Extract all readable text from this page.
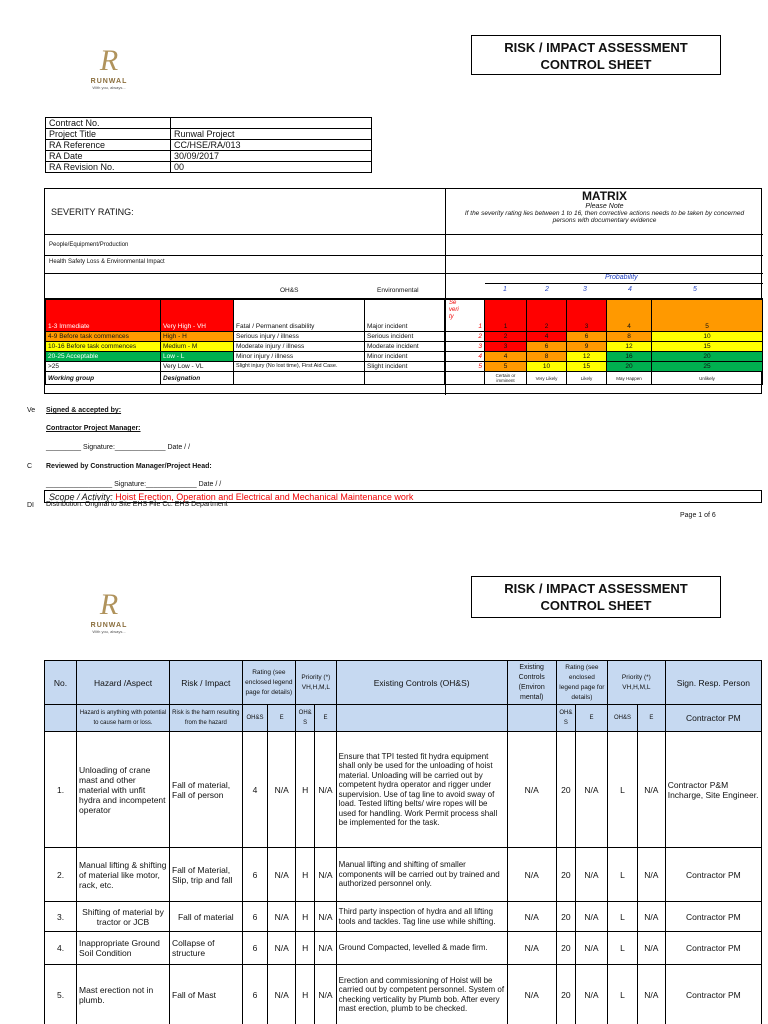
R
RUNWAL
With you, always...
RISK / IMPACT ASSESSMENT
CONTROL SHEET
Contract No.	
Project Title	Runwal Project
RA Reference	CC/HSE/RA/013
RA Date	30/09/2017
RA Revision No.	00
SEVERITY RATING:
MATRIX
Please Note
If the severity rating lies between 1 to 16, then corrective actions needs to be taken by concerned persons with documentary evidence
People/Equipment/Production
Health Safety Loss & Environmental Impact
Probability
OH&S	Environmental	1	2	3	4	5
Severity
1-3 Immediate	Very High - VH	Fatal / Permanent disability	Major incident	1	1	2	3	4	5
4-9 Before task commences	High - H	Serious injury / illness	Serious incident	2	2	4	6	8	10
10-16 Before task commences	Medium - M	Moderate injury / illness	Moderate incident	3	3	6	9	12	15
20-25 Acceptable	Low - L	Minor injury / illness	Minor incident	4	4	8	12	16	20
>25	Very Low - VL	Slight injury (No lost time), First Aid Case.	Slight incident	5	5	10	15	20	25
Working group	Designation				Certain or imminent	Very Likely	Likely	May Happen	Unlikely
Ve Signed & accepted by:
Contractor Project Manager:
_________ Signature:_____________ Date / /
C Reviewed by Construction Manager/Project Head:
_________________ Signature:_____________ Date / /
Scope / Activity: Hoist Erection, Operation and Electrical and Mechanical Maintenance work
DI Distribution: Original to Site EHS File Cc: EHS Department
Page 1 of 6
R
RUNWAL
With you, always...
RISK / IMPACT ASSESSMENT
CONTROL SHEET
No.	Hazard /Aspect	Risk / Impact	Rating (see enclosed legend page for details)		Priority (*) VH,H,M,L		Existing Controls (OH&S)	Existing Controls (Environ mental)	Rating (see enclosed legend page for details)		Priority (*) VH,H,M,L		Sign. Resp. Person
	Hazard is anything with potential to cause harm or loss.	Risk is the harm resulting from the hazard	OH&S	E	OH& S	E			OH& S	E	OH&S	E	Contractor PM
1.	Unloading of crane mast and other material with unfit hydra and incompetent operator	Fall of material, Fall of person	4	N/A	H	N/A	Ensure that TPI tested fit hydra equipment shall only be used for the unloading of hoist material. Unloading will be carried out by competent hydra operator and rigger under supervision. Use of tag line to avoid sway of load. Tested lifting belts/ wire ropes will be used for handling. Work Permit process shall be implemented for the task.	N/A	20	N/A	L	N/A	Contractor P&M Incharge, Site Engineer.
2.	Manual lifting & shifting of material like motor, rack, etc.	Fall of Material, Slip, trip and fall	6	N/A	H	N/A	Manual lifting and shifting of smaller components will be carried out by trained and authorized personnel only.	N/A	20	N/A	L	N/A	Contractor PM
3.	Shifting of material by tractor or JCB	Fall of material	6	N/A	H	N/A	Third party inspection of hydra and all lifting tools and tackles. Tag line use while shifting.	N/A	20	N/A	L	N/A	Contractor PM
4.	Inappropriate Ground Soil Condition	Collapse of structure	6	N/A	H	N/A	Ground Compacted, levelled & made firm.	N/A	20	N/A	L	N/A	Contractor PM
5.	Mast erection not in plumb.	Fall of Mast	6	N/A	H	N/A	Erection and commissioning of Hoist will be carried out by competent personnel. System of checking verticality by Plumb bob. After every mast erection, plumb to be checked.	N/A	20	N/A	L	N/A	Contractor PM
